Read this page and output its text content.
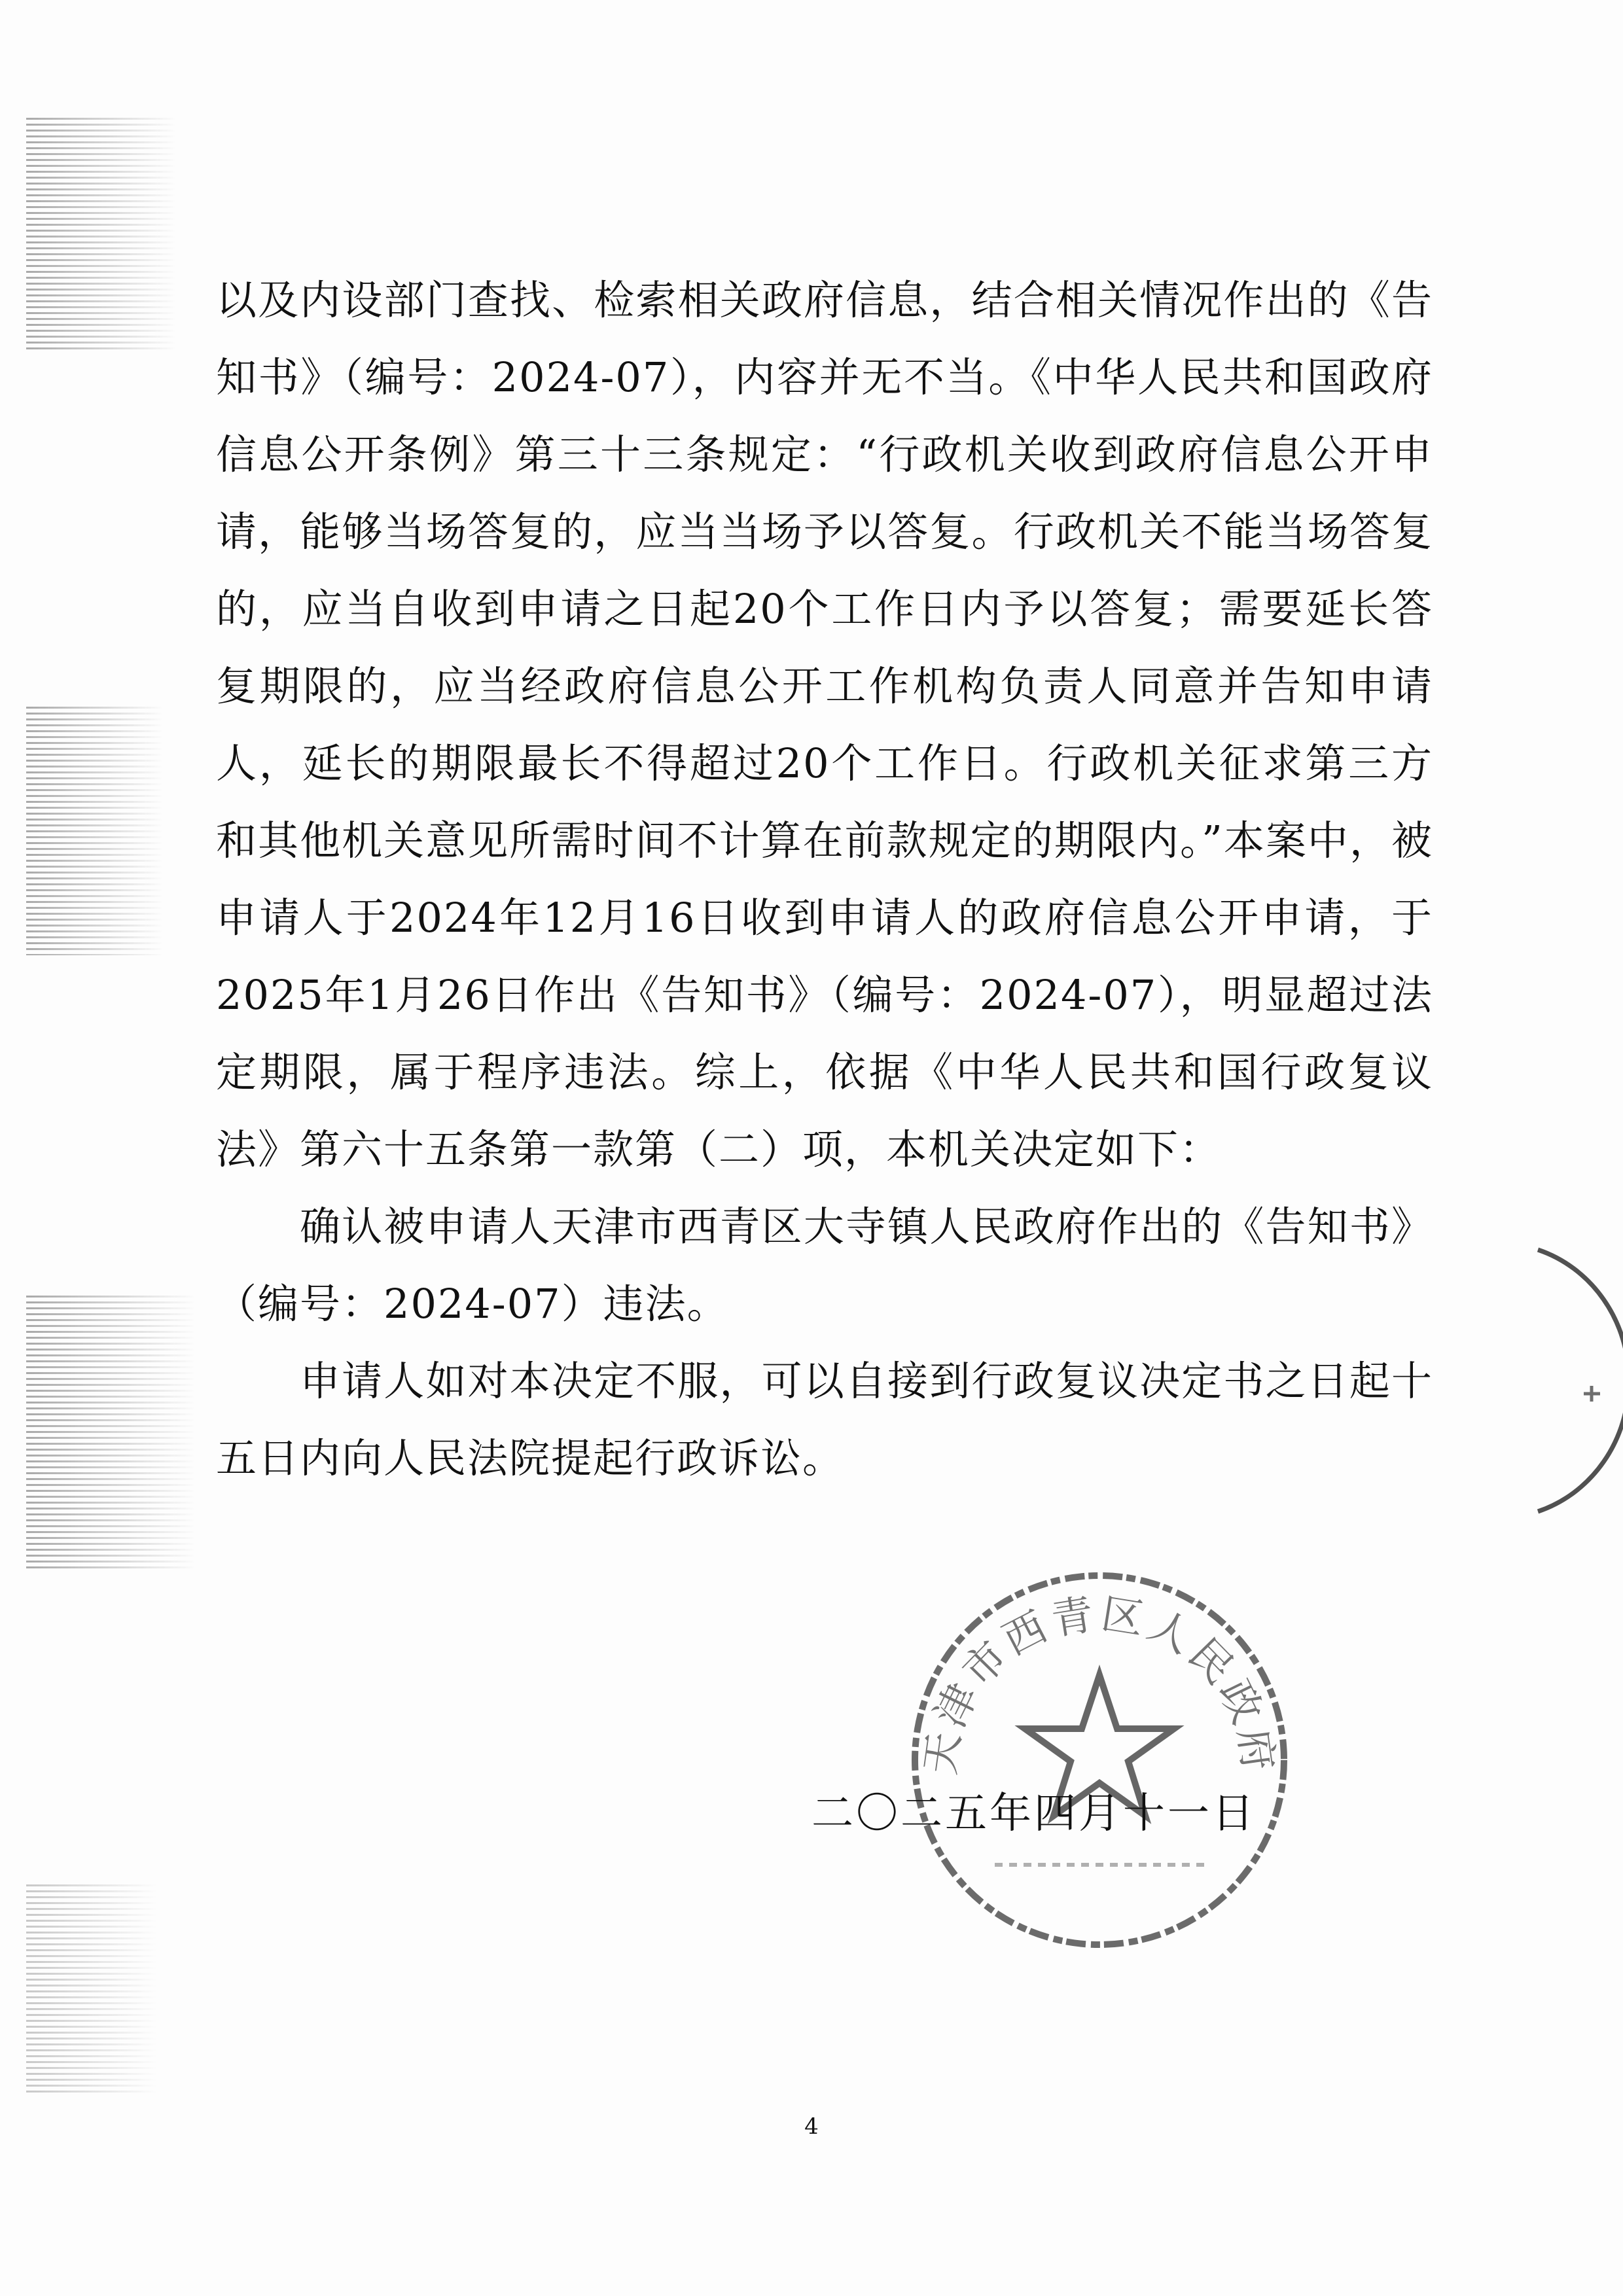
以及内设部门查找、检索相关政府信息，结合相关情况作出的《告知书》（编号：2024-07），内容并无不当。《中华人民共和国政府信息公开条例》第三十三条规定：“行政机关收到政府信息公开申请，能够当场答复的，应当当场予以答复。行政机关不能当场答复的，应当自收到申请之日起20个工作日内予以答复；需要延长答复期限的，应当经政府信息公开工作机构负责人同意并告知申请人，延长的期限最长不得超过20个工作日。行政机关征求第三方和其他机关意见所需时间不计算在前款规定的期限内。”本案中，被申请人于2024年12月16日收到申请人的政府信息公开申请，于2025年1月26日作出《告知书》（编号：2024-07），明显超过法定期限，属于程序违法。综上，依据《中华人民共和国行政复议法》第六十五条第一款第（二）项，本机关决定如下：

确认被申请人天津市西青区大寺镇人民政府作出的《告知书》（编号：2024-07）违法。

申请人如对本决定不服，可以自接到行政复议决定书之日起十五日内向人民法院提起行政诉讼。

天津市西青区人民政府
二〇二五年四月十一日
4
